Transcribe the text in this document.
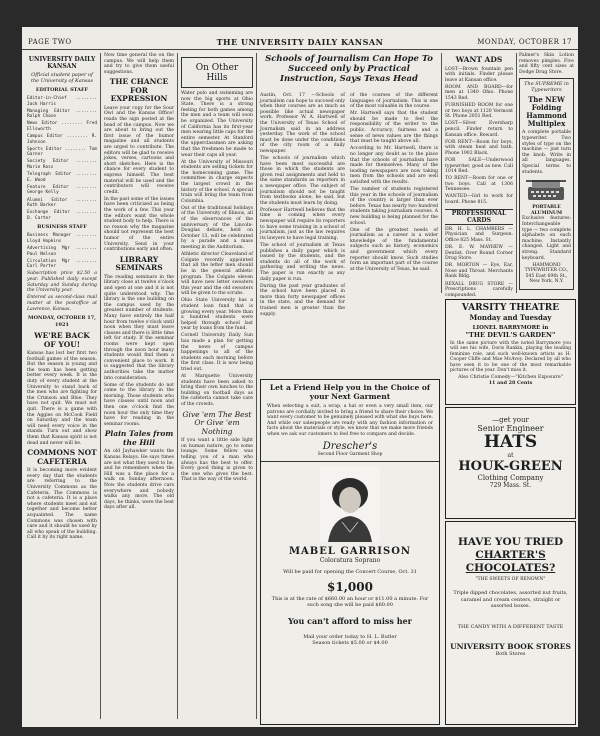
PAGE TWO	THE UNIVERSITY DAILY KANSAN	MONDAY, OCTOBER 17
UNIVERSITY DAILY KANSAN
Official student paper of the University of Kansas
EDITORIAL STAFF
Editor-in-Chief ........ Jack Harris
Managing Editor ........ Ralph Chase
News Editor ........ Fred Ellsworth
Campus Editor ........ R. Johnson
Sports Editor ........ Tom Garner
Society Editor ........ Marie Ross
Telegraph Editor ........ E. Wood
Feature Editor ........ George Kelly
Alumni Editor ........ Ruth Barker
Exchange Editor ........ D. Carter
BUSINESS STAFF
Business Manager ........ Lloyd Hopkins
Advertising Mgr ........ Paul Nelson
Circulation Mgr ........ Earl Porter

Subscription price $2.50 a year. Published daily except Saturday and Sunday during the University year.

Entered as second-class mail matter at the postoffice at Lawrence, Kansas.

MONDAY, OCTOBER 17, 1921
WE'RE BACK OF YOU!

Kansas has lost her first two football games of the season. But the season is young and the team has been getting better every week. It is the duty of every student at the University to stand back of the men who are fighting for the Crimson and Blue. They have not quit. We must not quit. There is a game with the Aggies on McCook Field on Saturday and the team will need every voice in the stands. Turn out and show them that Kansas spirit is not dead and never will be.

COMMONS NOT CAFETERIA

It is becoming more evident every day that the students are referring to the University Commons as the Cafeteria. The Commons is not a cafeteria. It is a place where students meet and eat together and become better acquainted. The name Commons was chosen with care and it should be used by all who speak of the building. Call it by its right name.

New time general the on the campus. We will help them and try to give them useful suggestions.

THE CHANCE FOR EXPRESSION

Leave your copy for the Sour Owl and the Kansas Office! reads the sign posted at the head of the campus. Now we are about to bring out the first issue of the humor magazine and all students are urged to contribute. The editors will be glad to receive jokes, verses, cartoons and short sketches. Here is the chance for every student to express himself. The best material will be used and the contributors will receive credit.

In the past some of the issues have been criticized as being the work of a few. This year the editors want the whole student body to help. There is no reason why the magazine should not represent the best humor of the entire University. Send in your contributions early and often.

LIBRARY SEMINARS

The reading seminars in the library close at twelve o'clock and open at one and it is not quite understood why. The library is the one building on the campus used by the greatest number of students. Many have entirely the half hour from twelve o'clock until noon when they must leave classes and there is little time left for study. If the seminar rooms were kept open through the noon hour many students would find them a convenient place to work. It is suggested that the library authorities take the matter into consideration.

Some of the students do not come to the library in the morning. Those students who have classes until noon and then one o'clock find the noon hour the only time they have for reading in the seminar rooms.

Plain Tales from the Hill

An old Jayhawker wants the Kansas Relays. He says times are not what they used to be, and he remembers when the Hill was a fine place for a walk on Sunday afternoon. Now the students drive cars everywhere and nobody walks any more. The old days, he thinks, were the best days after all.

On Other Hills

Water polo and swimming are now the big sports at Ohio State. There is a strong feeling for both games among the men and a team will soon be organized. The University of California has its first-year men wearing little caps for the entire semester. At Stanford the upperclassmen are asking that the freshmen be made to wear their caps all year.

At the University of Missouri students are selling tickets for the homecoming game. The committee in charge expects the largest crowd in the history of the school. A special train will bring the team from Columbia.

Out of the traditional holidays of the University of Illinois, all of the observances of the anniversary of the Lincoln-Douglas debate, held on October 13, will be celebrated by a parade and a mass meeting in the Auditorium.

Athletic director Cleaveland of Colgate recently appointed that all the letter men should be in the general athletic program. The Colgate eleven will have new letter sweaters this year and the old sweaters will be given to the scrubs.

Ohio State University has a student loan fund that is growing every year. More than a hundred students were helped through school last year by loans from the fund.

Cornell University Daily Sun has made a plan for getting the news of campus happenings to all of the students each morning before the first class. It is now being tried out.

At Marquette University students have been asked to bring their own lunches to the building on football days as the cafeteria cannot take care of the crowds.

Give 'em The Best Or Give 'em Nothing

If you want a little side light on human nature, go to some lounge. Some fellow was telling you of a man who always has the best to offer. Every good thing is given to the one who gives the best. That is the way of the world.

Schools of Journalism Can Hope To Succeed only by Practical Instruction, Says Texas Head

Austin, Oct. 17 —Schools of journalism can hope to succeed only when their courses are as much as possible like actual newspaper work. Professor W. A. Hartwell of the University of Texas School of Journalism said in an address yesterday. The work of the school must be done under the conditions of the city room of a daily newspaper.

The schools of journalism which have been most successful are those in which the students are given real assignments and held to the same standards as reporters in a newspaper office. The subject of journalism should not be taught from textbooks alone, he said, but the students must learn by doing.

Professor Hartwell believes that the time is coming when every newspaper will require its reporters to have some training in a school of journalism, just as the law requires its lawyers to have legal training.

The school of journalism at Texas publishes a daily paper which is issued by the students, and the students do all of the work of gathering and writing the news. The paper is run exactly as any daily paper is run.

During the past year graduates of the school have been placed in more than forty newspaper offices in the state, and the demand for trained men is greater than the supply.

of the courses of the different languages of journalism. This is one of the most valuable in the course.

Mr. Hartwell says that the student should be made to feel the responsibility of the writer to the public. Accuracy, fairness and a sense of news values are the things that must be taught above all.

According to Mr. Hartwell, there is no longer any doubt as to the place that the schools of journalism have made for themselves. Many of the leading newspapers are now taking men from the schools and are well satisfied with the results.

The number of students registered this year in the schools of journalism of the country is larger than ever before. Texas has nearly two hundred students taking journalism courses. A new building is being planned for the school.

One of the greatest needs of journalism as a career is a wider knowledge of the fundamental subjects such as history, economics and government which every reporter should know. Such studies form an important part of the course at the University of Texas, he said.

WANT ADS
LOST—Brown fountain pen with initials. Finder please leave at Kansan office.
ROOM AND BOARD—for men at 1340 Ohio. Phone 1543 Red.
FURNISHED ROOM for one or two boys at 1120 Vermont St. Phone 2051 Red.
LOST—Silver Eversharp pencil. Finder return to Kansan office. Reward.
FOR RENT—Room for boys, with steam heat and bath. Phone 1902 Black.
FOR SALE—Underwood typewriter, good as new. Call 1014 Red.
TO RENT—Room for one or two boys. Call at 1306 Tennessee.
WANTED—Girl to work for board. Phone 815.
PROFESSIONAL CARDS
DR. H. L. CHAMBERS — Physician and Surgeon. Office 825 Mass. St.
DR. E. W. MAYHEW — Dentist. Over Round Corner Drug Store.
DR. MORTON — Eye, Ear, Nose and Throat. Merchants Bank Bldg.
REXALL DRUG STORE — Prescriptions carefully compounded.

Palmer's Skin Lotion removes pimples. Five and fifty cent sizes at Dodge Drug Store.

The SUPREME in Typewriters
The NEW Folding Hammond Multiplex

A complete portable typewriter. Two styles of type on the machine — just turn the knob. Write in all languages. Special terms to students.

PORTABLE ALUMINUM

Exclusive features: Interchangeable type — two complete alphabets on each machine. Instantly changed. Light and strong. Standard keyboard.

HAMMOND TYPEWRITER CO., 545 East 69th St., New York, N.Y.

Let a Friend Help you in the Choice of your Next Garment
When selecting a suit, a wrap, a hat or even a very small item, our patrons are cordially invited to bring a friend to share their choice. We want every customer to be genuinely pleased with what she buys here. And while our salespeople are ready with any fashion information or facts about the materials or style, we know that we make more friends when we ask our customers to feel free to compare and decide.
Drescher's
Second Floor Garment Shop
MABEL GARRISON
Coloratura Soprano
Will be paid for opening the Concert Course, Oct. 31
$1,000
This is at the rate of $660.00 an hour or $11.00 a minute. For such song she will be paid $60.00
You can't afford to miss her
Mail your order today to H. L. Butler
Season tickets $5.00 or $4.00
VARSITY THEATRE
Monday and Tuesday
LIONEL BARRYMORE in
"THE DEVIL'S GARDEN"
In the same picture with the noted Barrymore you will see his wife, Doris Rankin, playing the leading feminine role, and such well-known artists as H. Cooper Cliffe and Mae McAvoy. Declared by all who have seen it to be one of the most remarkable pictures of the year. Don't miss it.
Also Christie Comedy—"Kitchen Exposure"
11 and 28 Cents
—get your
Senior Engineer
HATS
at
HOUK-GREEN
Clothing Company
729 Mass. St.
HAVE YOU TRIED
CHARTER'S
CHOCOLATES?
"THE SWEETS OF RENOWN"
Triple dipped chocolates, assorted nut fruits, caramel and cream centers, straight or assorted boxes.
THE CANDY WITH A DIFFERENT TASTE
UNIVERSITY BOOK STORES
Both Stores
